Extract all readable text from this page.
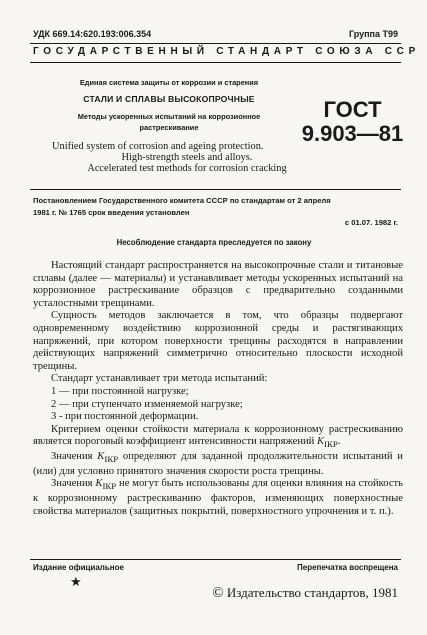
УДК 669.14:620.193:006.354	Группа Т99
ГОСУДАРСТВЕННЫЙ СТАНДАРТ СОЮЗА ССР
Единая система защиты от коррозии и старения
СТАЛИ И СПЛАВЫ ВЫСОКОПРОЧНЫЕ
Методы ускоренных испытаний на коррозионное
растрескивание
ГОСТ
9.903—81
Unified system of corrosion and ageing protection.
High-strength steels and alloys.
Accelerated test methods for corrosion cracking
Постановлением Государственного комитета СССР по стандартам от 2 апреля
1981 г. № 1765 срок введения установлен
с 01.07. 1982 г.
Несоблюдение стандарта преследуется по закону

Настоящий стандарт распространяется на высокопрочные стали и титановые сплавы (далее — материалы) и устанавливает методы ускоренных испытаний на коррозионное растрескивание образцов с предварительно созданными усталостными трещинами.

Сущность методов заключается в том, что образцы подвергают одновременному воздействию коррозионной среды и растягивающих напряжений, при котором поверхности трещины расходятся в направлении действующих напряжений симметрично относительно плоскости исходной трещины.

Стандарт устанавливает три метода испытаний:

1 — при постоянной нагрузке;
2 — при ступенчато изменяемой нагрузке;
3 - при постоянной деформации.

Критерием оценки стойкости материала к коррозионному растрескиванию является пороговый коэффициент интенсивности напряжений $K_{IКР}$.

Значения $K_{IКР}$ определяют для заданной продолжительности испытаний и (или) для условно принятого значения скорости роста трещины.

Значения $K_{IКР}$ не могут быть использованы для оценки влияния на стойкость к коррозионному растрескиванию факторов, изменяющих поверхностные свойства материалов (защитных покрытий, поверхностного упрочнения и т. п.).

Издание официальное	Перепечатка воспрещена
★
© Издательство стандартов, 1981
